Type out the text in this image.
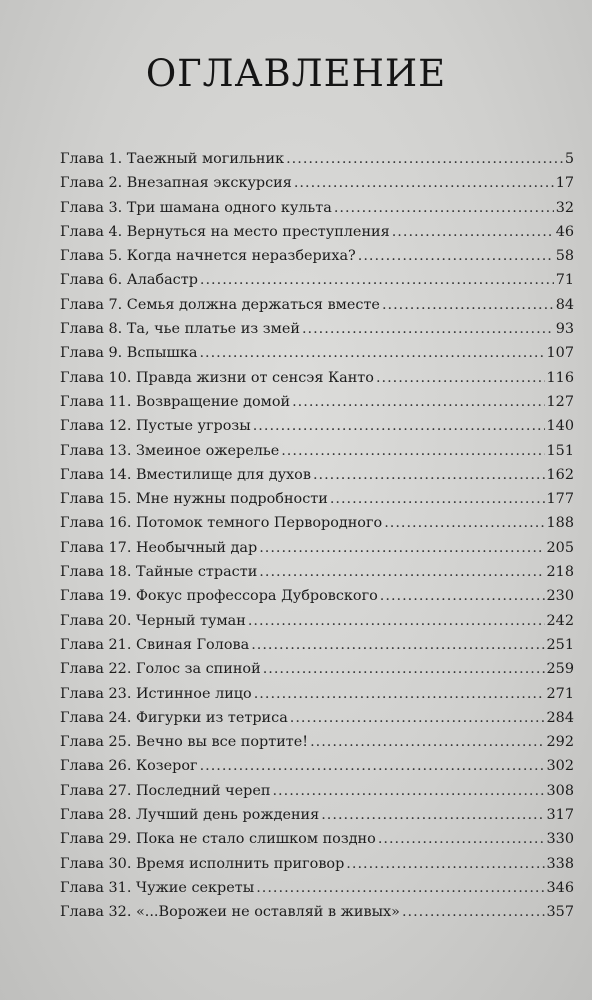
ОГЛАВЛЕНИЕ
Глава 1. Таежный могильник .....	5
Глава 2. Внезапная экскурсия .....	17
Глава 3. Три шамана одного культа .....	32
Глава 4. Вернуться на место преступления .....	46
Глава 5. Когда начнется неразбериха? .....	58
Глава 6. Алабастр .....	71
Глава 7. Семья должна держаться вместе .....	84
Глава 8. Та, чье платье из змей .....	93
Глава 9. Вспышка .....	107
Глава 10. Правда жизни от сенсэя Канто .....	116
Глава 11. Возвращение домой .....	127
Глава 12. Пустые угрозы .....	140
Глава 13. Змеиное ожерелье .....	151
Глава 14. Вместилище для духов .....	162
Глава 15. Мне нужны подробности .....	177
Глава 16. Потомок темного Первородного .....	188
Глава 17. Необычный дар .....	205
Глава 18. Тайные страсти .....	218
Глава 19. Фокус профессора Дубровского .....	230
Глава 20. Черный туман .....	242
Глава 21. Свиная Голова .....	251
Глава 22. Голос за спиной .....	259
Глава 23. Истинное лицо .....	271
Глава 24. Фигурки из тетриса .....	284
Глава 25. Вечно вы все портите! .....	292
Глава 26. Козерог .....	302
Глава 27. Последний череп .....	308
Глава 28. Лучший день рождения .....	317
Глава 29. Пока не стало слишком поздно .....	330
Глава 30. Время исполнить приговор .....	338
Глава 31. Чужие секреты .....	346
Глава 32. «...Ворожеи не оставляй в живых» .....	357
